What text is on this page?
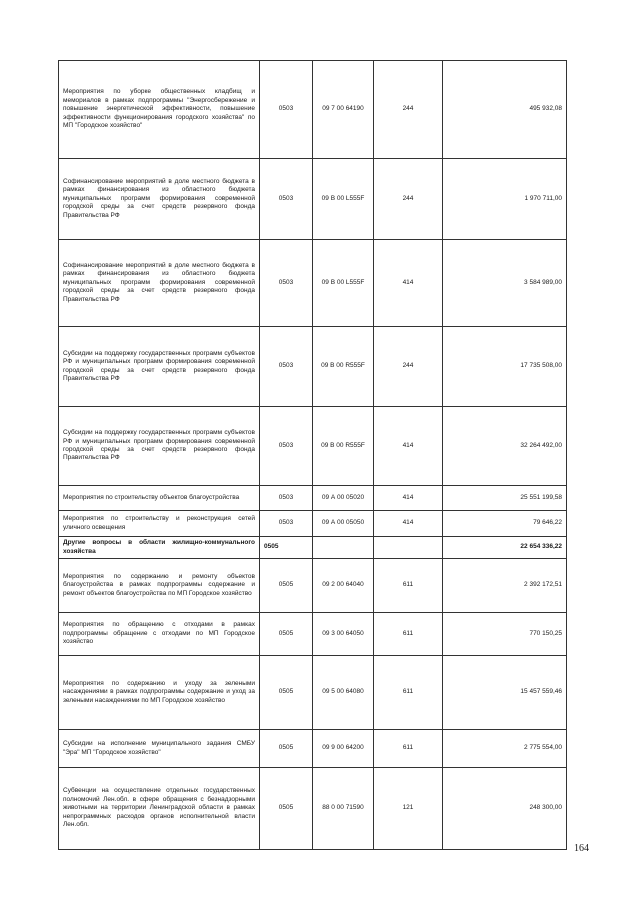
Мероприятия по уборке общественных кладбищ и мемориалов в рамках подпрограммы "Энергосбережение и повышение энергетической эффективности, повышение эффективности функционирования городского хозяйства" по МП "Городское хозяйство"	0503	09 7 00 64190	244	495 932,08
Софинансирование мероприятий в доле местного бюджета в рамках финансирования из областного бюджета муниципальных программ формирования современной городской среды за счет средств резервного фонда Правительства РФ	0503	09 В 00 L555F	244	1 970 711,00
Софинансирование мероприятий в доле местного бюджета в рамках финансирования из областного бюджета муниципальных программ формирования современной городской среды за счет средств резервного фонда Правительства РФ	0503	09 В 00 L555F	414	3 584 989,00
Субсидии на поддержку государственных программ субъектов РФ и муниципальных программ формирования современной городской среды за счет средств резервного фонда Правительства РФ	0503	09 В 00 R555F	244	17 735 508,00
Субсидии на поддержку государственных программ субъектов РФ и муниципальных программ формирования современной городской среды за счет средств резервного фонда Правительства РФ	0503	09 В 00 R555F	414	32 264 492,00
Мероприятия по строительству объектов благоустройства	0503	09 А 00 05020	414	25 551 199,58
Мероприятия по строительству и реконструкция сетей уличного освещения	0503	09 А 00 05050	414	79 646,22
Другие вопросы в области жилищно-коммунального хозяйства	0505			22 654 336,22
Мероприятия по содержанию и ремонту объектов благоустройства в рамках подпрограммы содержание и ремонт объектов благоустройства по МП Городское хозяйство	0505	09 2 00 64040	611	2 392 172,51
Мероприятия по обращению с отходами в рамках подпрограммы обращение с отходами по МП Городское хозяйство	0505	09 3 00 64050	611	770 150,25
Мероприятия по содержанию и уходу за зелеными насаждениями в рамках подпрограммы содержание и уход за зелеными насаждениями по МП Городское хозяйство	0505	09 5 00 64080	611	15 457 559,46
Субсидии на исполнение муниципального задания СМБУ "Эра" МП "Городское хозяйство"	0505	09 9 00 64200	611	2 775 554,00
Субвенции на осуществление отдельных государственных полномочий Лен.обл. в сфере обращения с безнадзорными животными на территории Ленинградской области в рамках непрограммных расходов органов исполнительной власти Лен.обл.	0505	88 0 00 71590	121	248 300,00
164
